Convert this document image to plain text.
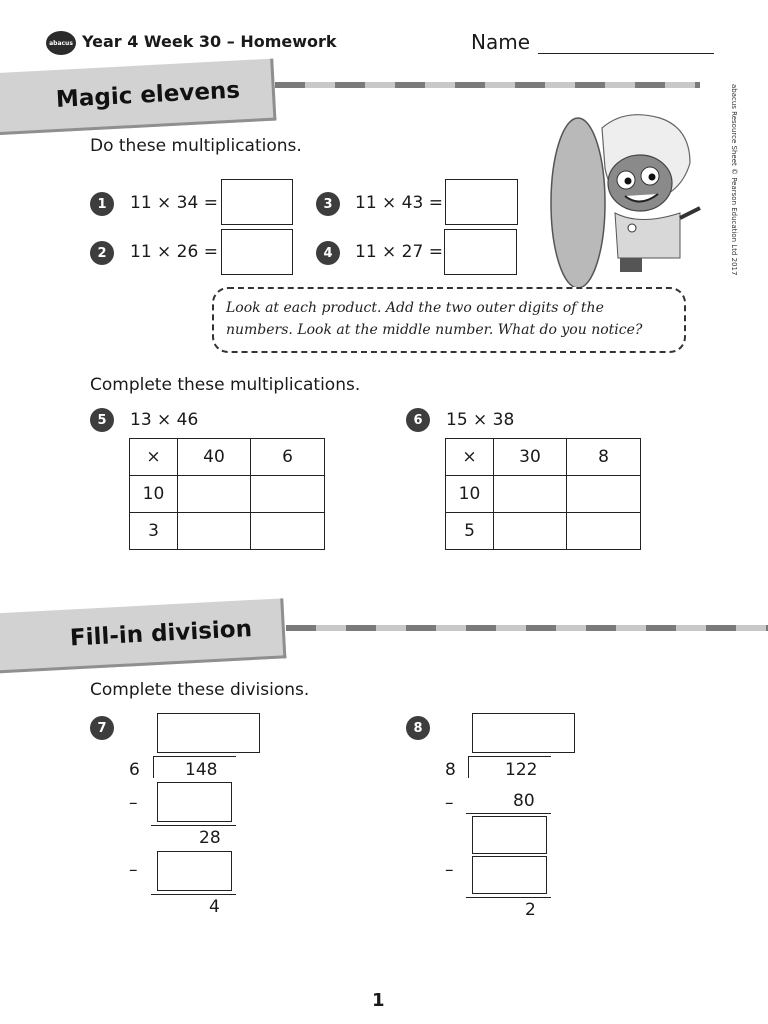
abacus Year 4 Week 30 – Homework	Name
abacus Resource Sheet © Pearson Education Ltd 2017
Magic elevens
Do these multiplications.
1	11 × 34 =
2	11 × 26 =
3	11 × 43 =
4	11 × 27 =
Look at each product. Add the two outer digits of the numbers. Look at the middle number. What do you notice?
Complete these multiplications.
5	13 × 46
×	40	6
10		
3		
6	15 × 38
×	30	8
10		
5		
Fill-in division
Complete these divisions.
7
6	148
–
28
–
4
8
8	122
–	80
–
2
1
